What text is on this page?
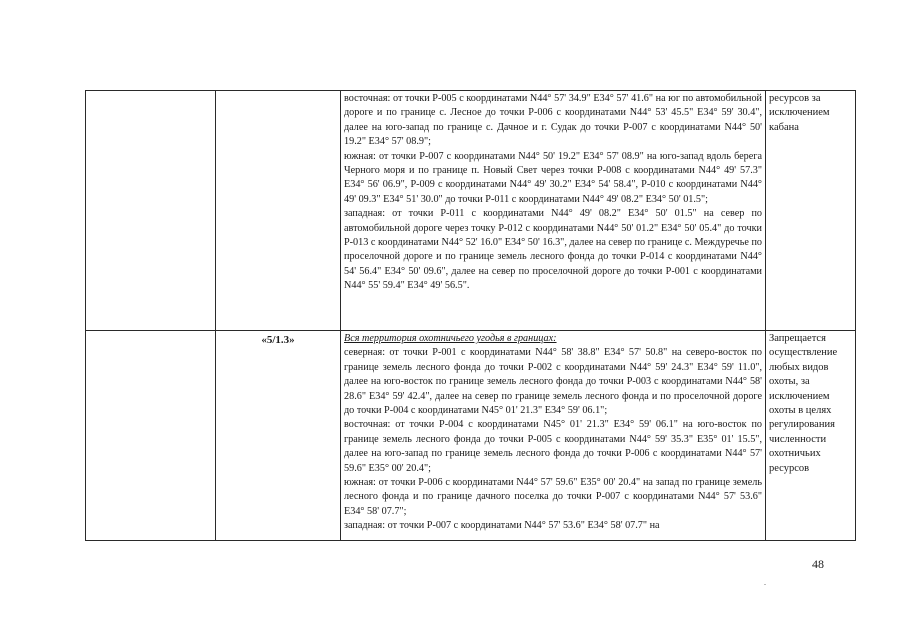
		восточная: от точки Р-005 с координатами N44° 57' 34.9" Е34° 57' 41.6" на юг по автомобильной дороге и по границе с. Лесное до точки Р-006 с координатами N44° 53' 45.5" Е34° 59' 30.4", далее на юго-запад по границе с. Дачное и г. Судак до точки Р-007 с координатами N44° 50' 19.2" Е34° 57' 08.9";

южная: от точки Р-007 с координатами N44° 50' 19.2" Е34° 57' 08.9" на юго-запад вдоль берега Черного моря и по границе п. Новый Свет через точки Р-008 с координатами N44° 49' 57.3" Е34° 56' 06.9", Р-009 с координатами N44° 49' 30.2" Е34° 54' 58.4", Р-010 с координатами N44° 49' 09.3" Е34° 51' 30.0" до точки Р-011 с координатами N44° 49' 08.2" Е34° 50' 01.5";

западная: от точки Р-011 с координатами N44° 49' 08.2" Е34° 50' 01.5" на север по автомобильной дороге через точку Р-012 с координатами N44° 50' 01.2" Е34° 50' 05.4" до точки Р-013 с координатами N44° 52' 16.0" Е34° 50' 16.3", далее на север по границе с. Междуречье по проселочной дороге и по границе земель лесного фонда до точки Р-014 с координатами N44° 54' 56.4" Е34° 50' 09.6", далее на север по проселочной дороге до точки Р-001 с координатами N44° 55' 59.4" Е34° 49' 56.5".	ресурсов за исключением кабана

	«5/1.3»	Вся территория охотничьего угодья в границах:

северная: от точки Р-001 с координатами N44° 58' 38.8" Е34° 57' 50.8" на северо-восток по границе земель лесного фонда до точки Р-002 с координатами N44° 59' 24.3" Е34° 59' 11.0", далее на юго-восток по границе земель лесного фонда до точки Р-003 с координатами N44° 58' 28.6" Е34° 59' 42.4", далее на север по границе земель лесного фонда и по проселочной дороге до точки Р-004 с координатами N45° 01' 21.3" Е34° 59' 06.1";

восточная: от точки Р-004 с координатами N45° 01' 21.3" Е34° 59' 06.1" на юго-восток по границе земель лесного фонда до точки Р-005 с координатами N44° 59' 35.3" Е35° 01' 15.5", далее на юго-запад по границе земель лесного фонда до точки Р-006 с координатами N44° 57' 59.6" Е35° 00' 20.4";

южная: от точки Р-006 с координатами N44° 57' 59.6" Е35° 00' 20.4" на запад по границе земель лесного фонда и по границе дачного поселка до точки Р-007 с координатами N44° 57' 53.6" Е34° 58' 07.7";

западная: от точки Р-007 с координатами N44° 57' 53.6" Е34° 58' 07.7" на	Запрещается осуществление любых видов охоты, за исключением охоты в целях регулирования численности охотничьих ресурсов

48
